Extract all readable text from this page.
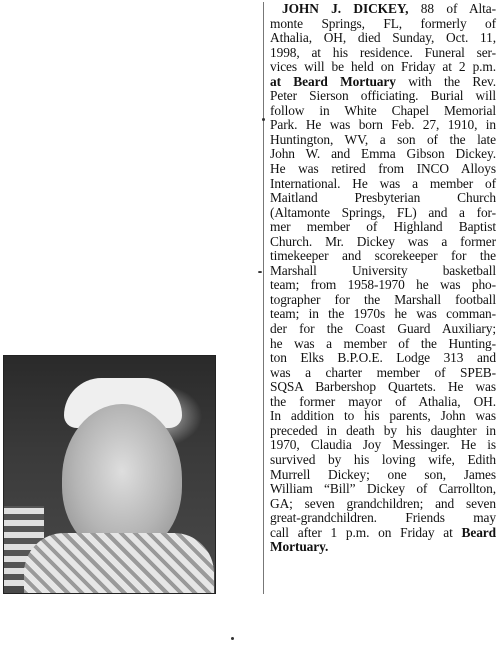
JOHN J. DICKEY, 88 of Alta-
monte Springs, FL, formerly of
Athalia, OH, died Sunday, Oct. 11,
1998, at his residence. Funeral ser-
vices will be held on Friday at 2 p.m.
at Beard Mortuary with the Rev.
Peter Sierson officiating. Burial will
follow in White Chapel Memorial
Park. He was born Feb. 27, 1910, in
Huntington, WV, a son of the late
John W. and Emma Gibson Dickey.
He was retired from INCO Alloys
International. He was a member of
Maitland Presbyterian Church
(Altamonte Springs, FL) and a for-
mer member of Highland Baptist
Church. Mr. Dickey was a former
timekeeper and scorekeeper for the
Marshall University basketball
team; from 1958-1970 he was pho-
tographer for the Marshall football
team; in the 1970s he was comman-
der for the Coast Guard Auxiliary;
he was a member of the Hunting-
ton Elks B.P.O.E. Lodge 313 and
was a charter member of SPEB-
SQSA Barbershop Quartets. He was
the former mayor of Athalia, OH.
In addition to his parents, John was
preceded in death by his daughter in
1970, Claudia Joy Messinger. He is
survived by his loving wife, Edith
Murrell Dickey; one son, James
William “Bill” Dickey of Carrollton,
GA; seven grandchildren; and seven
great-grandchildren. Friends may
call after 1 p.m. on Friday at Beard
Mortuary.
